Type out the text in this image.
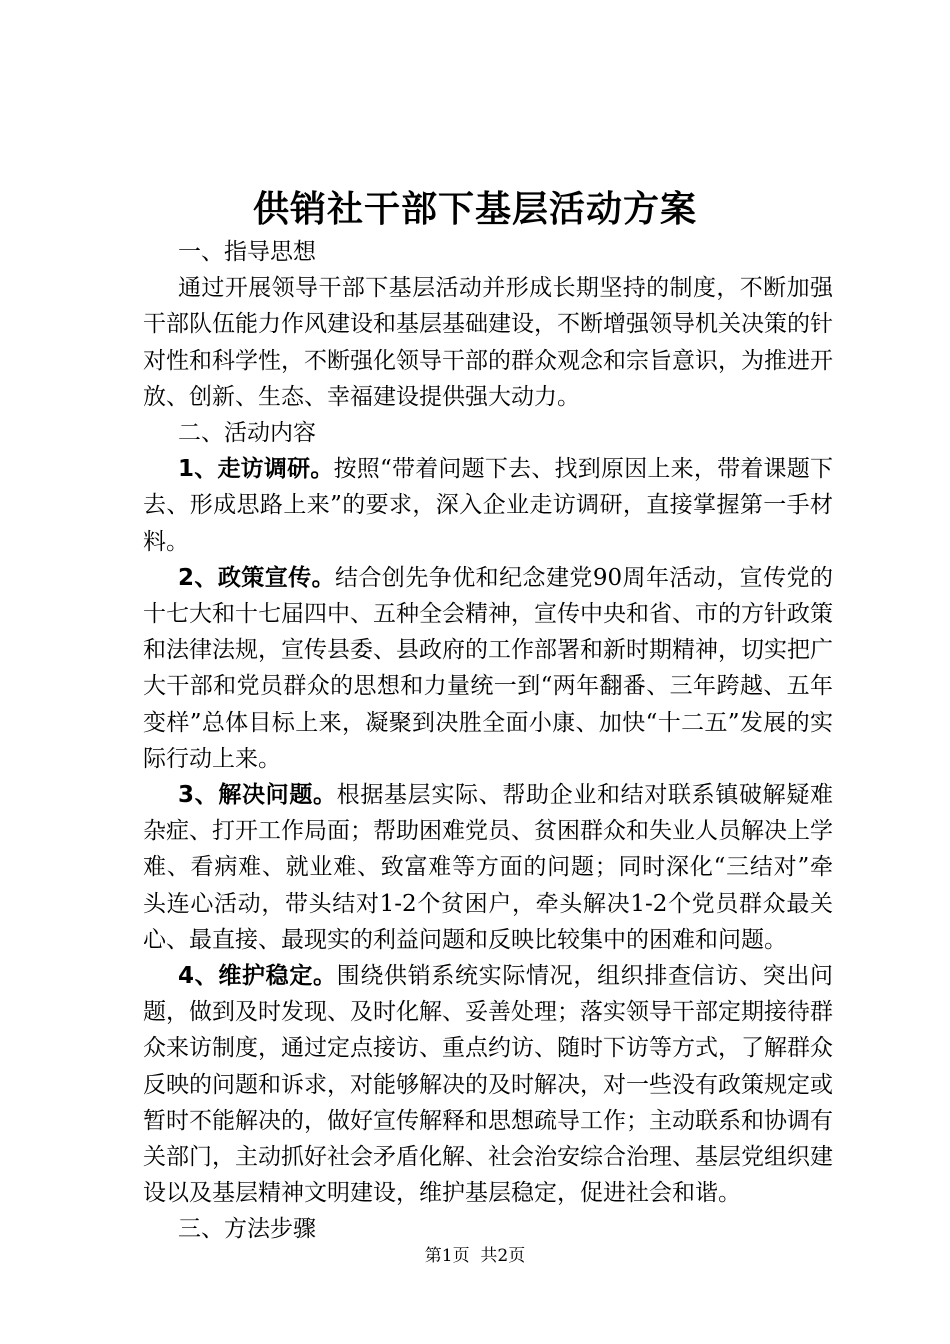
供销社干部下基层活动方案

一、指导思想

通过开展领导干部下基层活动并形成长期坚持的制度，不断加强干部队伍能力作风建设和基层基础建设，不断增强领导机关决策的针对性和科学性，不断强化领导干部的群众观念和宗旨意识，为推进开放、创新、生态、幸福建设提供强大动力。

二、活动内容

1、走访调研。按照“带着问题下去、找到原因上来，带着课题下去、形成思路上来”的要求，深入企业走访调研，直接掌握第一手材料。

2、政策宣传。结合创先争优和纪念建党90周年活动，宣传党的十七大和十七届四中、五种全会精神，宣传中央和省、市的方针政策和法律法规，宣传县委、县政府的工作部署和新时期精神，切实把广大干部和党员群众的思想和力量统一到“两年翻番、三年跨越、五年变样”总体目标上来，凝聚到决胜全面小康、加快“十二五”发展的实际行动上来。

3、解决问题。根据基层实际、帮助企业和结对联系镇破解疑难杂症、打开工作局面；帮助困难党员、贫困群众和失业人员解决上学难、看病难、就业难、致富难等方面的问题；同时深化“三结对”牵头连心活动，带头结对1-2个贫困户，牵头解决1-2个党员群众最关心、最直接、最现实的利益问题和反映比较集中的困难和问题。

4、维护稳定。围绕供销系统实际情况，组织排查信访、突出问题，做到及时发现、及时化解、妥善处理；落实领导干部定期接待群众来访制度，通过定点接访、重点约访、随时下访等方式，了解群众反映的问题和诉求，对能够解决的及时解决，对一些没有政策规定或暂时不能解决的，做好宣传解释和思想疏导工作；主动联系和协调有关部门，主动抓好社会矛盾化解、社会治安综合治理、基层党组织建设以及基层精神文明建设，维护基层稳定，促进社会和谐。

三、方法步骤

第1页 共2页
